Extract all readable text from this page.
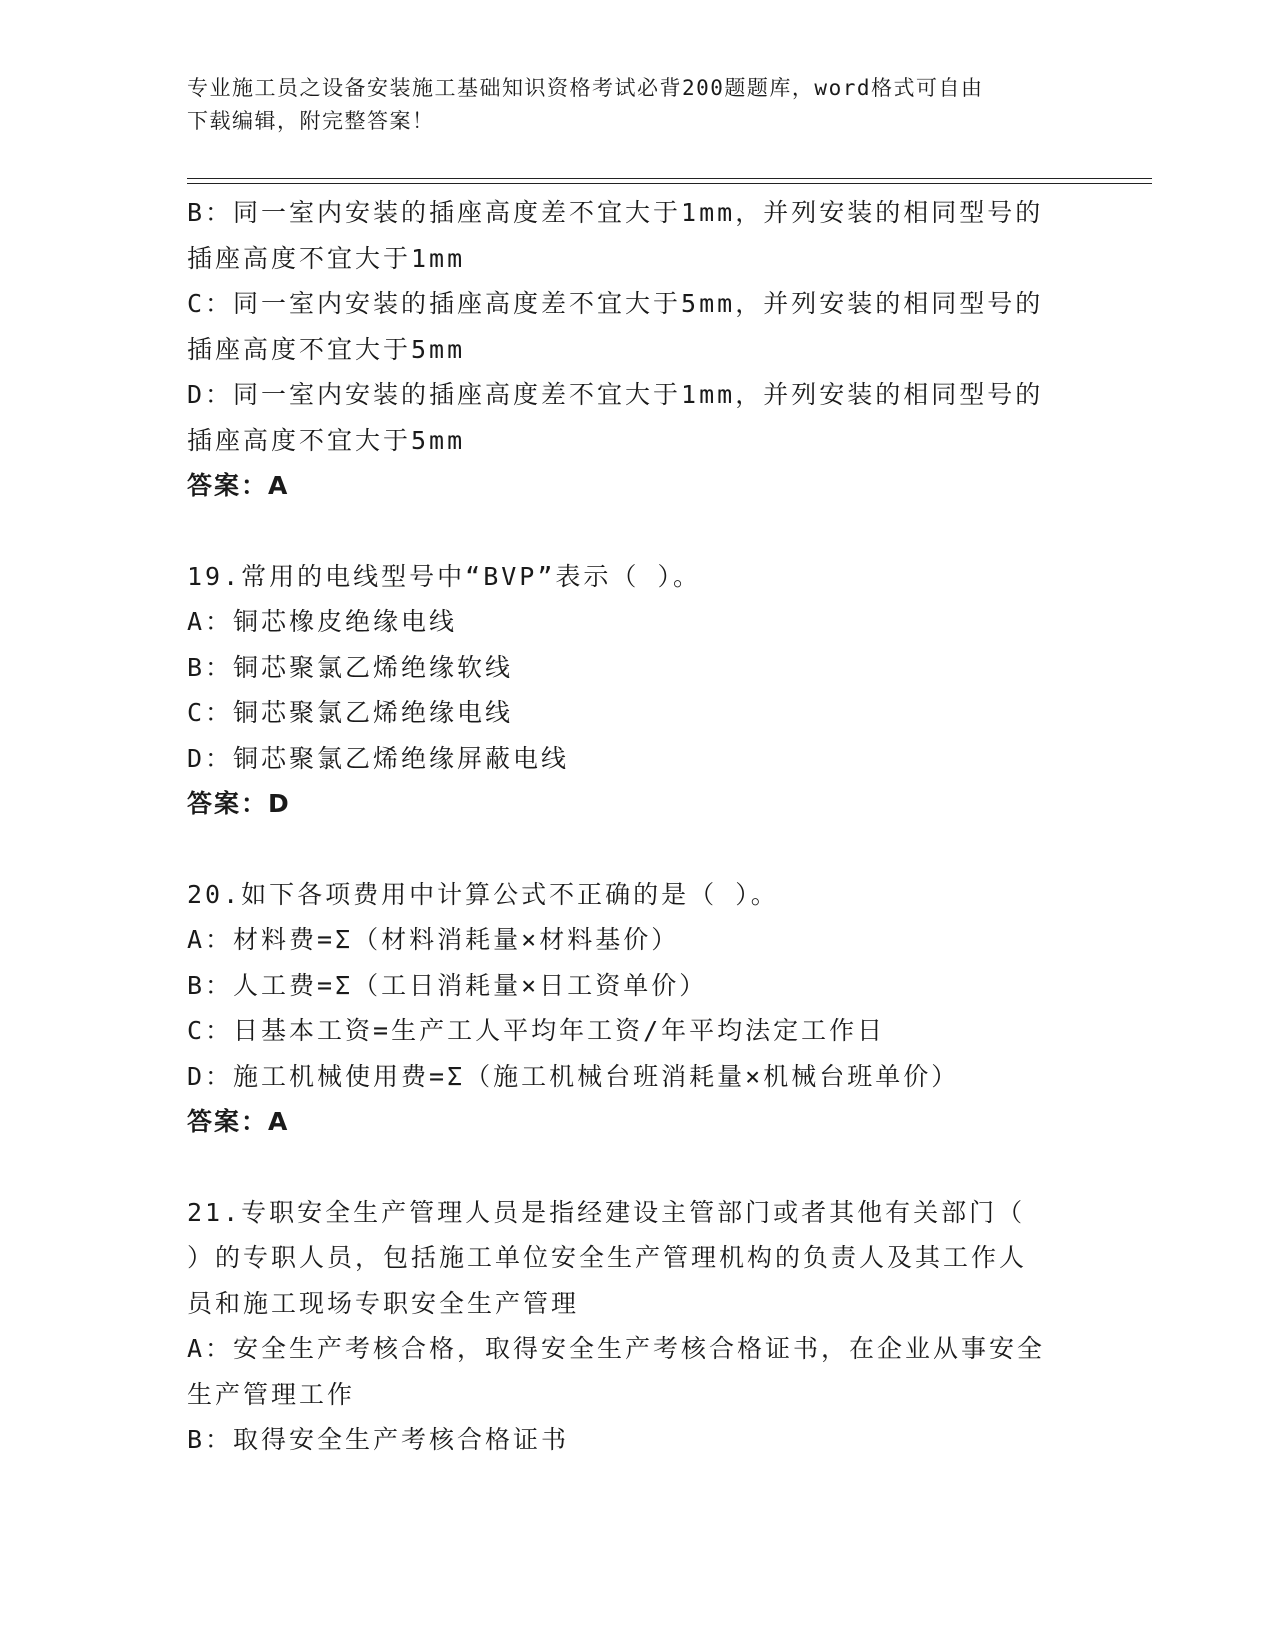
专业施工员之设备安装施工基础知识资格考试必背200题题库，word格式可自由
下载编辑，附完整答案！
B：同一室内安装的插座高度差不宜大于1mm，并列安装的相同型号的
插座高度不宜大于1mm
C：同一室内安装的插座高度差不宜大于5mm，并列安装的相同型号的
插座高度不宜大于5mm
D：同一室内安装的插座高度差不宜大于1mm，并列安装的相同型号的
插座高度不宜大于5mm
答案：A
19.常用的电线型号中“BVP”表示（ ）。
A：铜芯橡皮绝缘电线
B：铜芯聚氯乙烯绝缘软线
C：铜芯聚氯乙烯绝缘电线
D：铜芯聚氯乙烯绝缘屏蔽电线
答案：D
20.如下各项费用中计算公式不正确的是（ ）。
A：材料费=Σ（材料消耗量×材料基价）
B：人工费=Σ（工日消耗量×日工资单价）
C：日基本工资=生产工人平均年工资/年平均法定工作日
D：施工机械使用费=Σ（施工机械台班消耗量×机械台班单价）
答案：A
21.专职安全生产管理人员是指经建设主管部门或者其他有关部门（
）的专职人员，包括施工单位安全生产管理机构的负责人及其工作人
员和施工现场专职安全生产管理
A：安全生产考核合格，取得安全生产考核合格证书，在企业从事安全
生产管理工作
B：取得安全生产考核合格证书
